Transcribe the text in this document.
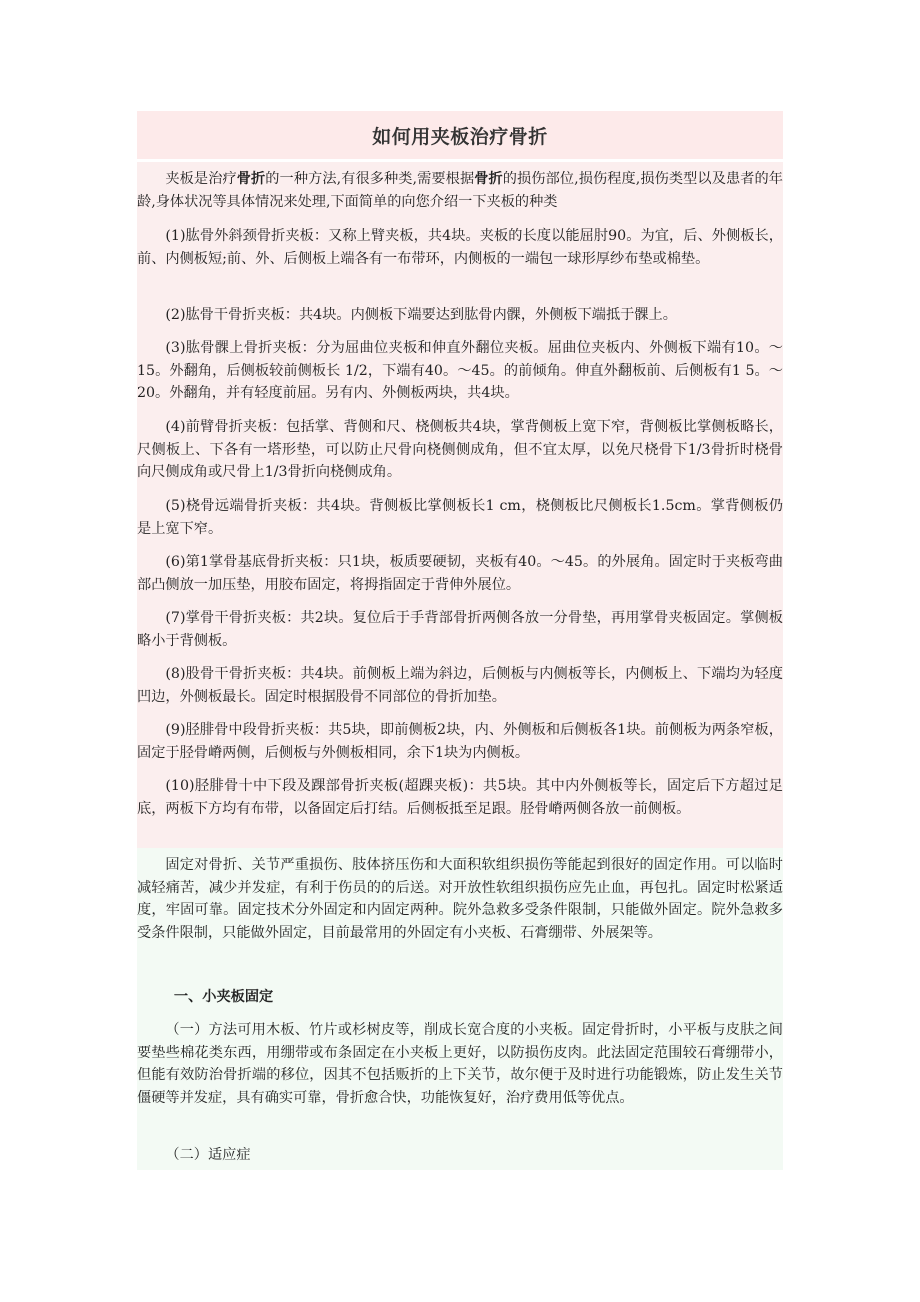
如何用夹板治疗骨折

夹板是治疗骨折的一种方法,有很多种类,需要根据骨折的损伤部位,损伤程度,损伤类型以及患者的年龄,身体状况等具体情况来处理,下面简单的向您介绍一下夹板的种类

(1)肱骨外斜颈骨折夹板：又称上臂夹板，共4块。夹板的长度以能屈肘90。为宜，后、外侧板长，前、内侧板短;前、外、后侧板上端各有一布带环，内侧板的一端包一球形厚纱布垫或棉垫。

(2)肱骨干骨折夹板：共4块。内侧板下端要达到肱骨内髁，外侧板下端抵于髁上。

(3)肱骨髁上骨折夹板：分为屈曲位夹板和伸直外翻位夹板。屈曲位夹板内、外侧板下端有10。～15。外翻角，后侧板较前侧板长 1/2，下端有40。～45。的前倾角。伸直外翻板前、后侧板有1 5。～20。外翻角，并有轻度前屈。另有内、外侧板两块，共4块。

(4)前臂骨折夹板：包括掌、背侧和尺、桡侧板共4块，掌背侧板上宽下窄，背侧板比掌侧板略长，尺侧板上、下各有一塔形垫，可以防止尺骨向桡侧侧成角，但不宜太厚，以免尺桡骨下1/3骨折时桡骨向尺侧成角或尺骨上1/3骨折向桡侧成角。

(5)桡骨远端骨折夹板：共4块。背侧板比掌侧板长1 cm，桡侧板比尺侧板长1.5cm。掌背侧板仍是上宽下窄。

(6)第1掌骨基底骨折夹板：只1块，板质要硬韧，夹板有40。～45。的外展角。固定时于夹板弯曲部凸侧放一加压垫，用胶布固定，将拇指固定于背伸外展位。

(7)掌骨干骨折夹板：共2块。复位后于手背部骨折两侧各放一分骨垫，再用掌骨夹板固定。掌侧板略小于背侧板。

(8)股骨干骨折夹板：共4块。前侧板上端为斜边，后侧板与内侧板等长，内侧板上、下端均为轻度凹边，外侧板最长。固定时根据股骨不同部位的骨折加垫。

(9)胫腓骨中段骨折夹板：共5块，即前侧板2块，内、外侧板和后侧板各1块。前侧板为两条窄板，固定于胫骨嵴两侧，后侧板与外侧板相同，余下1块为内侧板。

(10)胫腓骨十中下段及踝部骨折夹板(超踝夹板)：共5块。其中内外侧板等长，固定后下方超过足底，两板下方均有布带，以备固定后打结。后侧板抵至足跟。胫骨嵴两侧各放一前侧板。

固定对骨折、关节严重损伤、肢体挤压伤和大面积软组织损伤等能起到很好的固定作用。可以临时减轻痛苦，减少并发症，有利于伤员的的后送。对开放性软组织损伤应先止血，再包扎。固定时松紧适度，牢固可靠。固定技术分外固定和内固定两种。院外急救多受条件限制，只能做外固定。院外急救多受条件限制，只能做外固定，目前最常用的外固定有小夹板、石膏绷带、外展架等。

一、小夹板固定

（一）方法可用木板、竹片或杉树皮等，削成长宽合度的小夹板。固定骨折时，小平板与皮肤之间要垫些棉花类东西，用绷带或布条固定在小夹板上更好，以防损伤皮肉。此法固定范围较石膏绷带小，但能有效防治骨折端的移位，因其不包括贩折的上下关节，故尔便于及时进行功能锻炼，防止发生关节僵硬等并发症，具有确实可靠，骨折愈合快，功能恢复好，治疗费用低等优点。

（二）适应症
